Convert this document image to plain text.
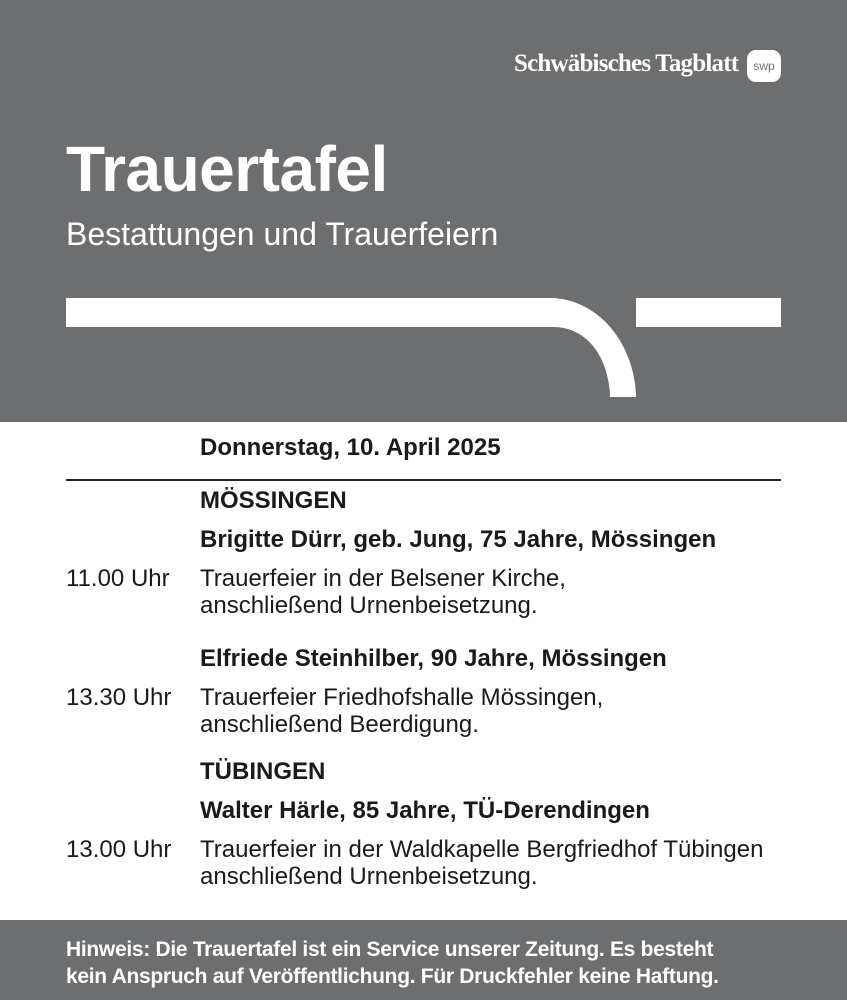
Schwäbisches Tagblatt	swp
Trauertafel
Bestattungen und Trauerfeiern
Donnerstag, 10. April 2025
MÖSSINGEN
Brigitte Dürr, geb. Jung, 75 Jahre, Mössingen
11.00 Uhr Trauerfeier in der Belsener Kirche,
anschließend Urnenbeisetzung.
Elfriede Steinhilber, 90 Jahre, Mössingen
13.30 Uhr Trauerfeier Friedhofshalle Mössingen,
anschließend Beerdigung.
TÜBINGEN
Walter Härle, 85 Jahre, TÜ-Derendingen
13.00 Uhr Trauerfeier in der Waldkapelle Bergfriedhof Tübingen
anschließend Urnenbeisetzung.
Hinweis: Die Trauertafel ist ein Service unserer Zeitung. Es besteht
kein Anspruch auf Veröffentlichung. Für Druckfehler keine Haftung.
